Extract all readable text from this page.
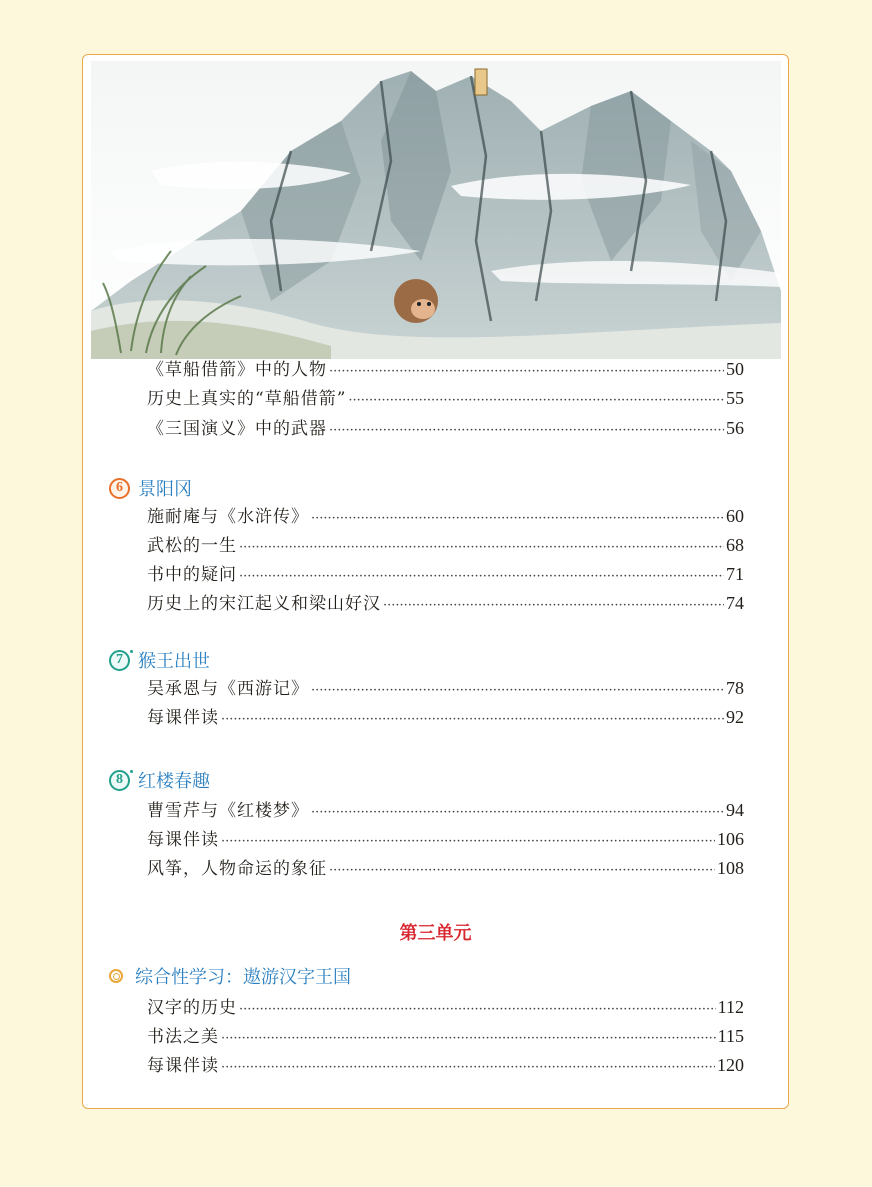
《草船借箭》中的人物 ·····	50
历史上真实的“草船借箭” ·····	55
《三国演义》中的武器 ·····	56
6 景阳冈
施耐庵与《水浒传》 ·····	60
武松的一生 ·····	68
书中的疑问 ·····	71
历史上的宋江起义和梁山好汉 ·····	74
7 猴王出世
吴承恩与《西游记》 ·····	78
每课伴读 ·····	92
8 红楼春趣
曹雪芹与《红楼梦》 ·····	94
每课伴读 ·····	106
风筝，人物命运的象征 ·····	108
第三单元
综合性学习：遨游汉字王国
汉字的历史 ·····	112
书法之美 ·····	115
每课伴读 ·····	120
